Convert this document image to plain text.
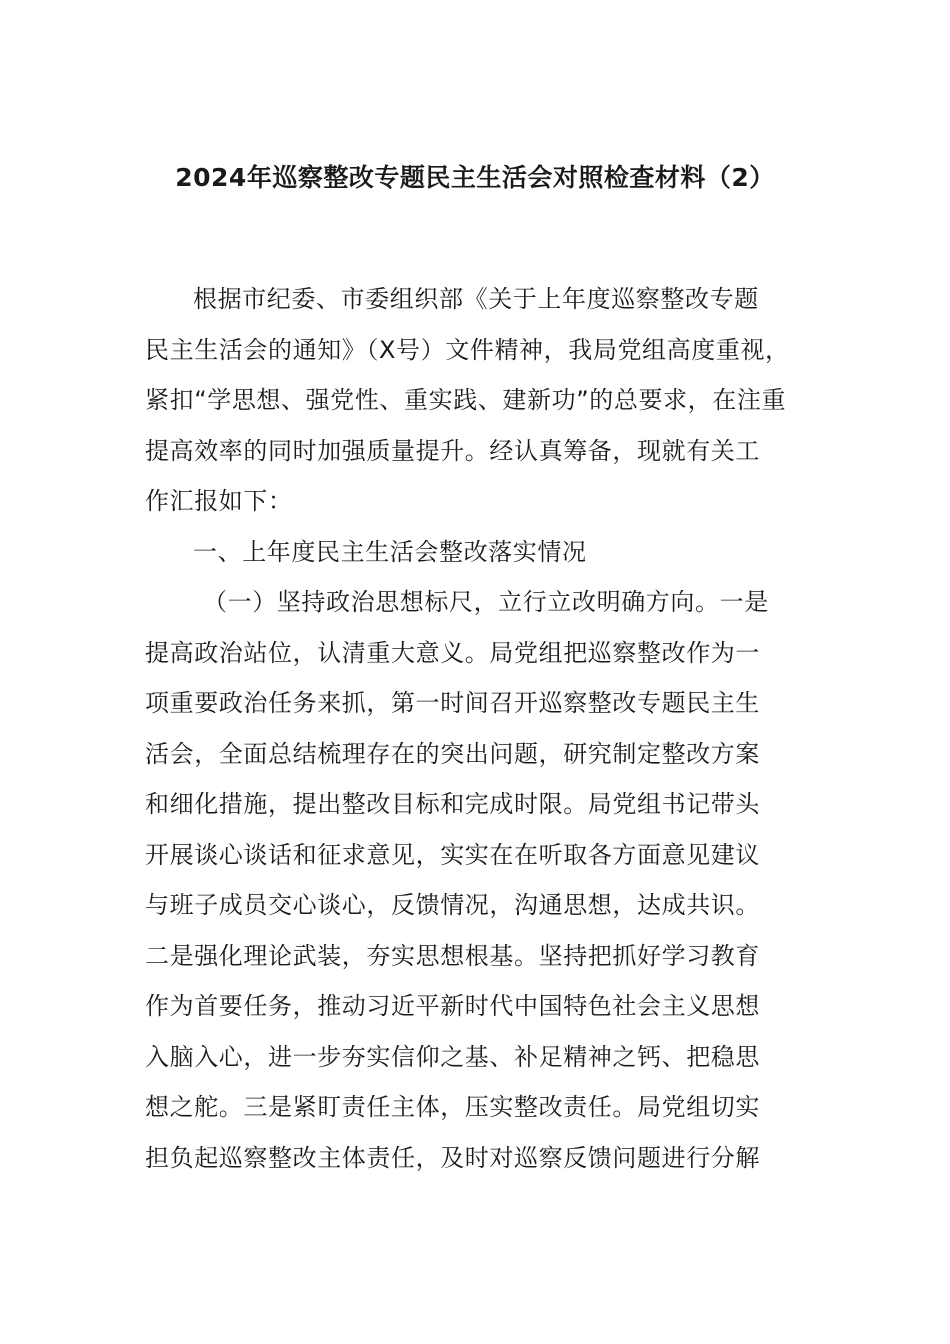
2024年巡察整改专题民主生活会对照检查材料（2）
根据市纪委、市委组织部《关于上年度巡察整改专题
民主生活会的通知》（X号）文件精神，我局党组高度重视，
紧扣“学思想、强党性、重实践、建新功”的总要求，在注重
提高效率的同时加强质量提升。经认真筹备，现就有关工
作汇报如下：
一、上年度民主生活会整改落实情况
（一）坚持政治思想标尺，立行立改明确方向。一是
提高政治站位，认清重大意义。局党组把巡察整改作为一
项重要政治任务来抓，第一时间召开巡察整改专题民主生
活会，全面总结梳理存在的突出问题，研究制定整改方案
和细化措施，提出整改目标和完成时限。局党组书记带头
开展谈心谈话和征求意见，实实在在听取各方面意见建议
与班子成员交心谈心，反馈情况，沟通思想，达成共识。
二是强化理论武装，夯实思想根基。坚持把抓好学习教育
作为首要任务，推动习近平新时代中国特色社会主义思想
入脑入心，进一步夯实信仰之基、补足精神之钙、把稳思
想之舵。三是紧盯责任主体，压实整改责任。局党组切实
担负起巡察整改主体责任，及时对巡察反馈问题进行分解
